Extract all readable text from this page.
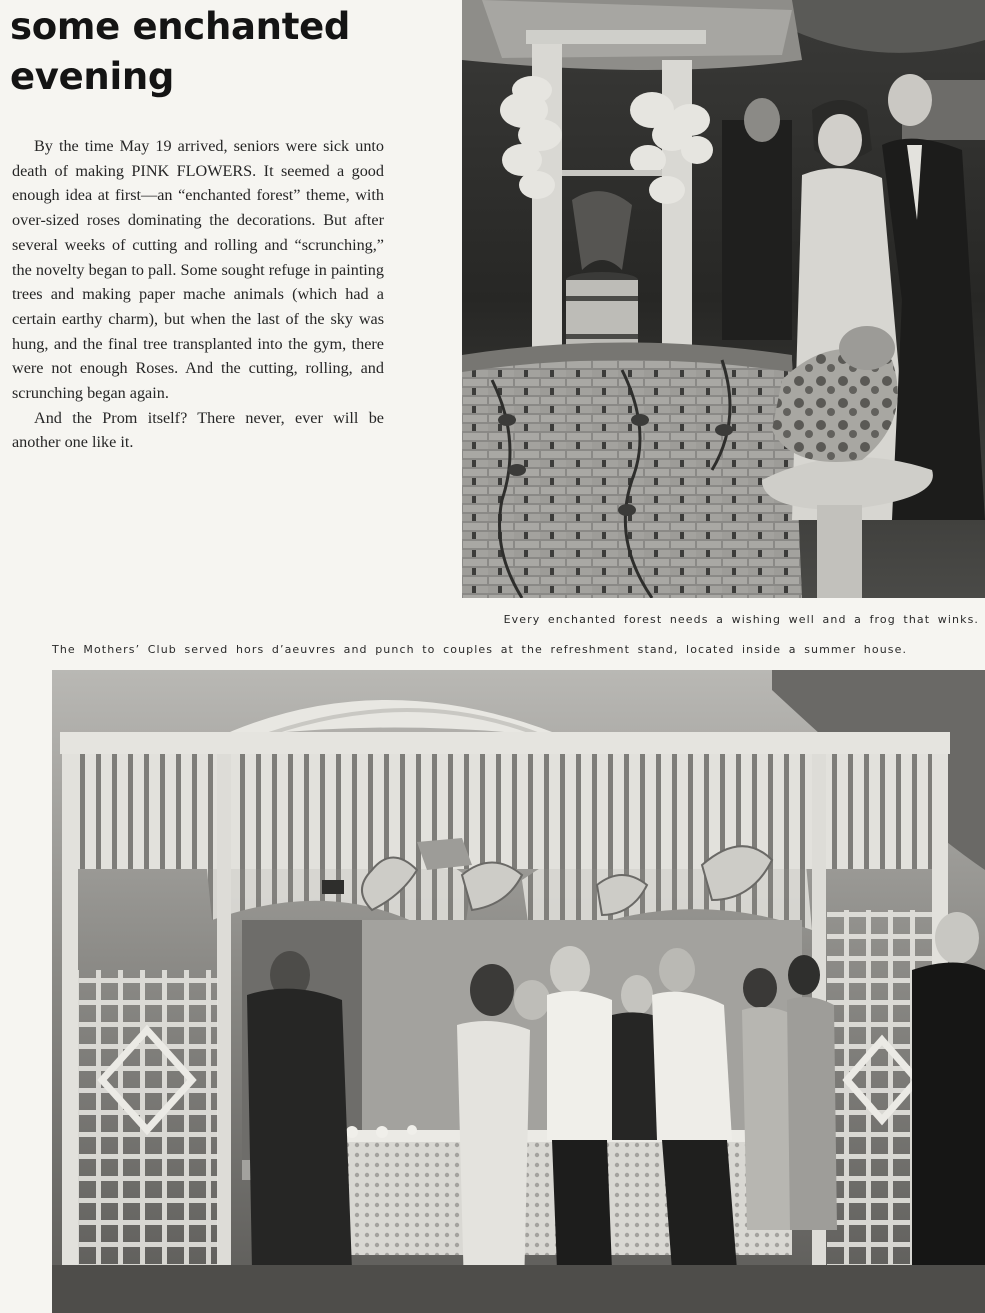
some enchanted
evening

By the time May 19 arrived, seniors were sick unto death of making PINK FLOWERS. It seemed a good enough idea at first—an “enchanted forest” theme, with over-sized roses dominating the decorations. But after several weeks of cutting and rolling and “scrunching,” the novelty began to pall. Some sought refuge in painting trees and making paper mache animals (which had a certain earthy charm), but when the last of the sky was hung, and the final tree transplanted into the gym, there were not enough Roses. And the cutting, rolling, and scrunching began again.

And the Prom itself? There never, ever will be another one like it.

Every enchanted forest needs a wishing well and a frog that winks.
The Mothers’ Club served hors d’aeuvres and punch to couples at the refreshment stand, located inside a summer house.
